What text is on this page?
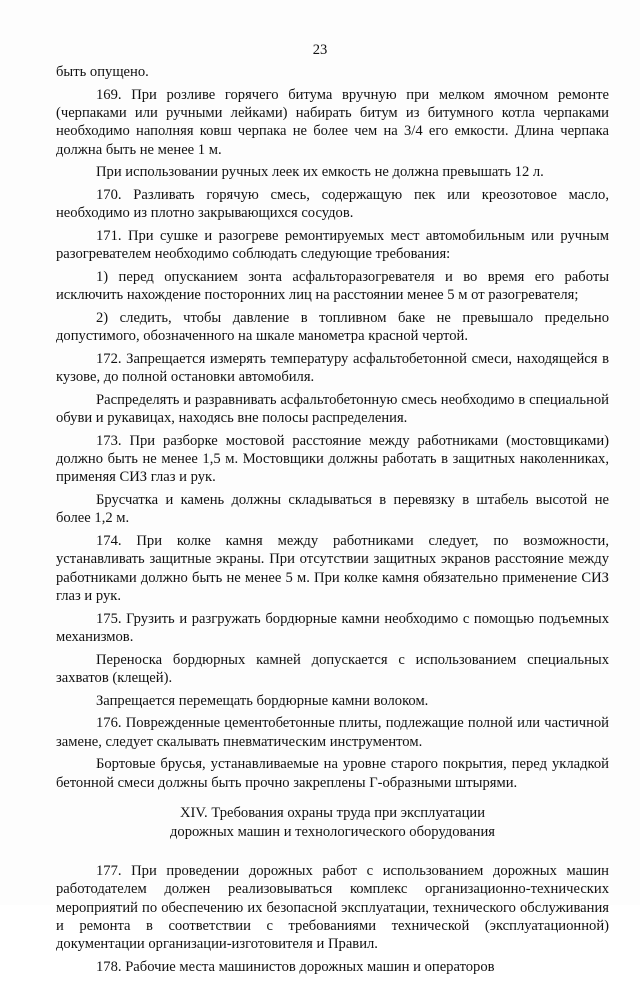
23

быть опущено.

169. При розливе горячего битума вручную при мелком ямочном ремонте (черпаками или ручными лейками) набирать битум из битумного котла черпаками необходимо наполняя ковш черпака не более чем на 3/4 его емкости. Длина черпака должна быть не менее 1 м.

При использовании ручных леек их емкость не должна превышать 12 л.

170. Разливать горячую смесь, содержащую пек или креозотовое масло, необходимо из плотно закрывающихся сосудов.

171. При сушке и разогреве ремонтируемых мест автомобильным или ручным разогревателем необходимо соблюдать следующие требования:

1) перед опусканием зонта асфальторазогревателя и во время его работы исключить нахождение посторонних лиц на расстоянии менее 5 м от разогревателя;

2) следить, чтобы давление в топливном баке не превышало предельно допустимого, обозначенного на шкале манометра красной чертой.

172. Запрещается измерять температуру асфальтобетонной смеси, находящейся в кузове, до полной остановки автомобиля.

Распределять и разравнивать асфальтобетонную смесь необходимо в специальной обуви и рукавицах, находясь вне полосы распределения.

173. При разборке мостовой расстояние между работниками (мостовщиками) должно быть не менее 1,5 м. Мостовщики должны работать в защитных наколенниках, применяя СИЗ глаз и рук.

Брусчатка и камень должны складываться в перевязку в штабель высотой не более 1,2 м.

174. При колке камня между работниками следует, по возможности, устанавливать защитные экраны. При отсутствии защитных экранов расстояние между работниками должно быть не менее 5 м. При колке камня обязательно применение СИЗ глаз и рук.

175. Грузить и разгружать бордюрные камни необходимо с помощью подъемных механизмов.

Переноска бордюрных камней допускается с использованием специальных захватов (клещей).

Запрещается перемещать бордюрные камни волоком.

176. Поврежденные цементобетонные плиты, подлежащие полной или частичной замене, следует скалывать пневматическим инструментом.

Бортовые брусья, устанавливаемые на уровне старого покрытия, перед укладкой бетонной смеси должны быть прочно закреплены Г-образными штырями.

XIV. Требования охраны труда при эксплуатации
дорожных машин и технологического оборудования

177. При проведении дорожных работ с использованием дорожных машин работодателем должен реализовываться комплекс организационно-технических мероприятий по обеспечению их безопасной эксплуатации, технического обслуживания и ремонта в соответствии с требованиями технической (эксплуатационной) документации организации-изготовителя и Правил.

178. Рабочие места машинистов дорожных машин и операторов
